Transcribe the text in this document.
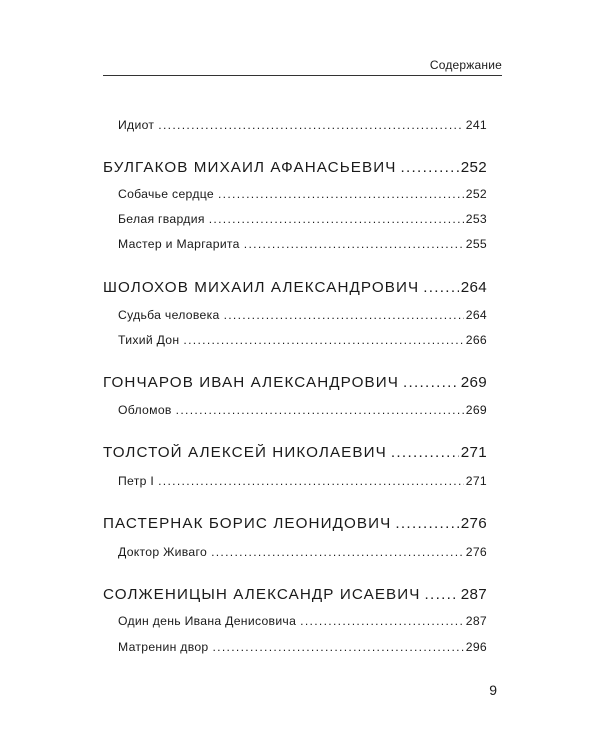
Содержание
Идиот .....	241
БУЛГАКОВ МИХАИЛ АФАНАСЬЕВИЧ .....	252
Собачье сердце .....	252
Белая гвардия .....	253
Мастер и Маргарита .....	255
ШОЛОХОВ МИХАИЛ АЛЕКСАНДРОВИЧ .....	264
Судьба человека .....	264
Тихий Дон .....	266
ГОНЧАРОВ ИВАН АЛЕКСАНДРОВИЧ .....	269
Обломов .....	269
ТОЛСТОЙ АЛЕКСЕЙ НИКОЛАЕВИЧ .....	271
Петр I .....	271
ПАСТЕРНАК БОРИС ЛЕОНИДОВИЧ .....	276
Доктор Живаго .....	276
СОЛЖЕНИЦЫН АЛЕКСАНДР ИСАЕВИЧ .....	287
Один день Ивана Денисовича .....	287
Матренин двор .....	296
9
